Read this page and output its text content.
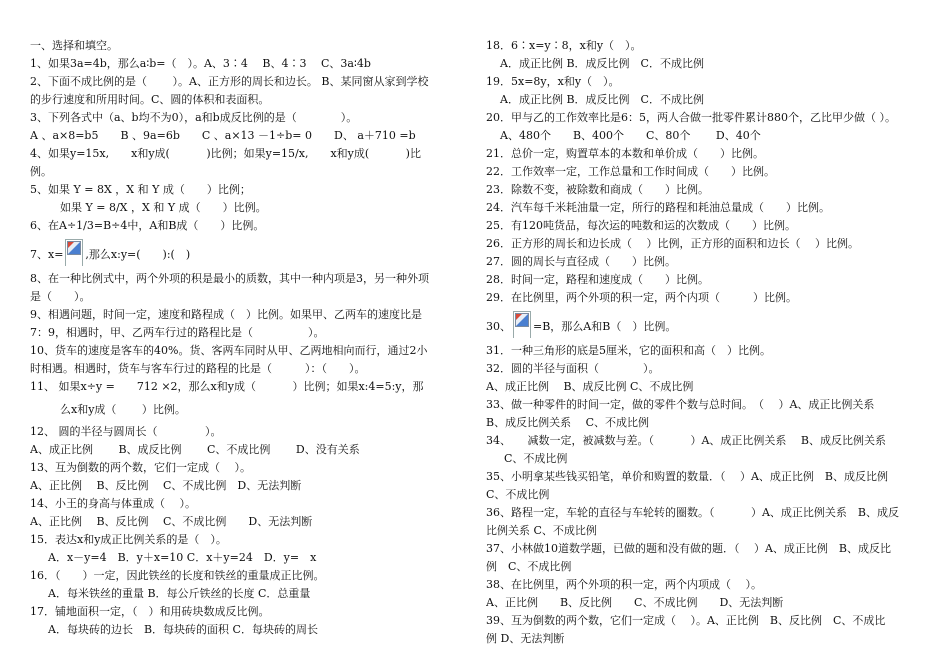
一、选择和填空。
1、如果3a=4b，那么a∶b=（　）。A、3∶4　 B、4∶3　 C、3a∶4b
2、下面不成比例的是（　　 ）。A、正方形的周长和边长。 B、某同窗从家到学校
的步行速度和所用时间。C、圆的体积和表面积。
3、下列各式中（a、b均不为0），a和b成反比例的是（　　　　）。
A 、a×8=b5　　B 、9a=6b　　C 、a×13 －1÷b= 0　　D、 a＋710 =b
4、如果y=15x,　　x和y成(　　　 )比例；如果y=15/x,　　x和y成(　　　 )比
例。
5、如果 Y = 8X ，X 和 Y 成（　　）比例；
如果 Y = 8/X ，X 和 Y 成（　　）比例。
6、在A÷1/3=B÷4中，A和B成（　　）比例。
7、x= ,那么x:y=(　　):(　)
8、在一种比例式中，两个外项的积是最小的质数，其中一种内项是3，另一种外项
是（　　）。
9、相遇问题，时间一定，速度和路程成（　）比例。如果甲、乙两车的速度比是
7：9，相遇时，甲、乙两车行过的路程比是（　　　　　）。
10、货车的速度是客车的40%。货、客两车同时从甲、乙两地相向而行，通过2小
时相遇。相遇时，货车与客车行过的路程的比是（　　　）：（　　）。
11、 如果x÷y =　　712 ×2，那么x和y成（　　　 ）比例；如果x:4=5:y，那
么x和y成（　　 ）比例。
12、 圆的半径与圆周长（　　　　 ）。
A、成正比例　　 B、成反比例　　 C、不成比例　　 D、没有关系
13、互为倒数的两个数，它们一定成（　 ）。
A、正比例　 B、反比例　 C、不成比例　D、无法判断
14、小王的身高与体重成（　 ）。
A、正比例　 B、反比例　 C、不成比例　　D、无法判断
15．表达x和y成正比例关系的是（　）。
A．x－y=4　B．y＋x=10 C．x＋y=24　D．y=　x
16．（　　）一定，因此铁丝的长度和铁丝的重量成正比例。
A．每米铁丝的重量 B．每公斤铁丝的长度 C．总重量
17．铺地面积一定，（　）和用砖块数成反比例。
A．每块砖的边长　B．每块砖的面积 C．每块砖的周长
18．6∶x=y∶8，x和y（　）。
A．成正比例 B．成反比例　C．不成比例
19．5x=8y，x和y（　）。
A．成正比例 B．成反比例　C．不成比例
20．甲与乙的工作效率比是6：5，两人合做一批零件累计880个，乙比甲少做（ ）。
A、480个　　B、400个　　C、80个　　 D、40个
21．总价一定，购置草本的本数和单价成（　　）比例。
22．工作效率一定，工作总量和工作时间成（　　）比例。
23．除数不变，被除数和商成（　　）比例。
24．汽车每千米耗油量一定，所行的路程和耗油总量成（　　）比例。
25．有120吨货品，每次运的吨数和运的次数成（　　）比例。
26．正方形的周长和边长成（　 ）比例，正方形的面积和边长（　 ）比例。
27．圆的周长与直径成（　　）比例。
28．时间一定，路程和速度成（　　）比例。
29．在比例里，两个外项的积一定，两个内项（　　　）比例。
30、 =B，那么A和B（　）比例。
31．一种三角形的底是5厘米，它的面积和高（　）比例。
32．圆的半径与面积（　　　　）。
A、成正比例　 B、成反比例 C、不成比例
33、做一种零件的时间一定，做的零件个数与总时间。　（　 ）A、成正比例关系
B、成反比例关系　 C、不成比例
34、　　减数一定，被减数与差。（　　　 ）A、成正比例关系　 B、成反比例关系
C、不成比例
35、小明拿某些钱买铅笔，单价和购置的数量．（　 ）A、成正比例　B、成反比例
C、不成比例
36、路程一定，车轮的直径与车轮转的圈数。（　　　 ）A、成正比例关系　B、成反
比例关系 C、不成比例
37、小林做10道数学题，已做的题和没有做的题．（　 ）A、成正比例　B、成反比
例　C、不成比例
38、在比例里，两个外项的积一定，两个内项成（　 ）。
A、正比例　　B、反比例　　C、不成比例　　D、无法判断
39、互为倒数的两个数，它们一定成（　 ）。A、正比例　B、反比例　C、不成比
例 D、无法判断
